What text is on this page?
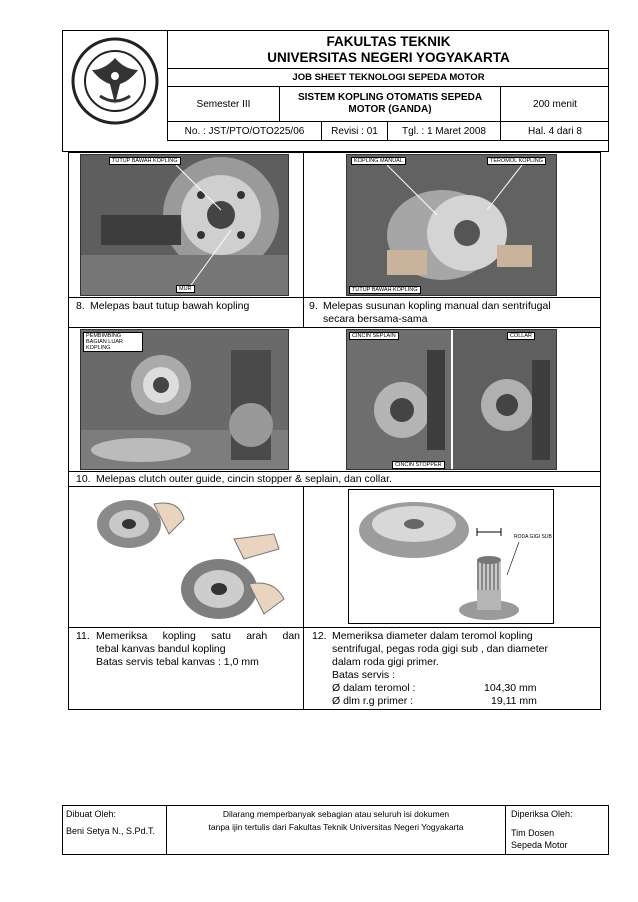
FAKULTAS TEKNIK
UNIVERSITAS NEGERI YOGYAKARTA
JOB SHEET TEKNOLOGI SEPEDA MOTOR
Semester III
SISTEM KOPLING OTOMATIS SEPEDA MOTOR (GANDA)	200 menit
No. : JST/PTO/OTO225/06	Revisi : 01	Tgl. : 1 Maret 2008	Hal. 4 dari 8
TUTUP BAWAH KOPLING
MUR
KOPLING MANUAL	TEROMOL KOPLING
TUTUP BAWAH KOPLING
8. Melepas baut tutup bawah kopling	9. Melepas susunan kopling manual dan sentrifugal
secara bersama-sama
PEMBIMBING BAGIAN LUAR KOPLING
CINCIN SEPLAIN	COLLAR
CINCIN STOPPER
10. Melepas clutch outer guide, cincin stopper & seplain, dan collar.
RODA GIGI SUB
11. Memeriksa kopling satu arah dan
tebal kanvas bandul kopling
Batas servis tebal kanvas : 1,0 mm
12. Memeriksa diameter dalam teromol kopling
sentrifugal, pegas roda gigi sub , dan diameter
dalam roda gigi primer.
Batas servis :
Ø dalam teromol :	104,30 mm
Ø dlm r.g primer :	19,11 mm
Dibuat Oleh:
Beni Setya N., S.Pd.T.
Dilarang memperbanyak sebagian atau seluruh isi dokumen
tanpa ijin tertulis dari Fakultas Teknik Universitas Negeri Yogyakarta
Diperiksa Oleh:
Tim Dosen
Sepeda Motor
